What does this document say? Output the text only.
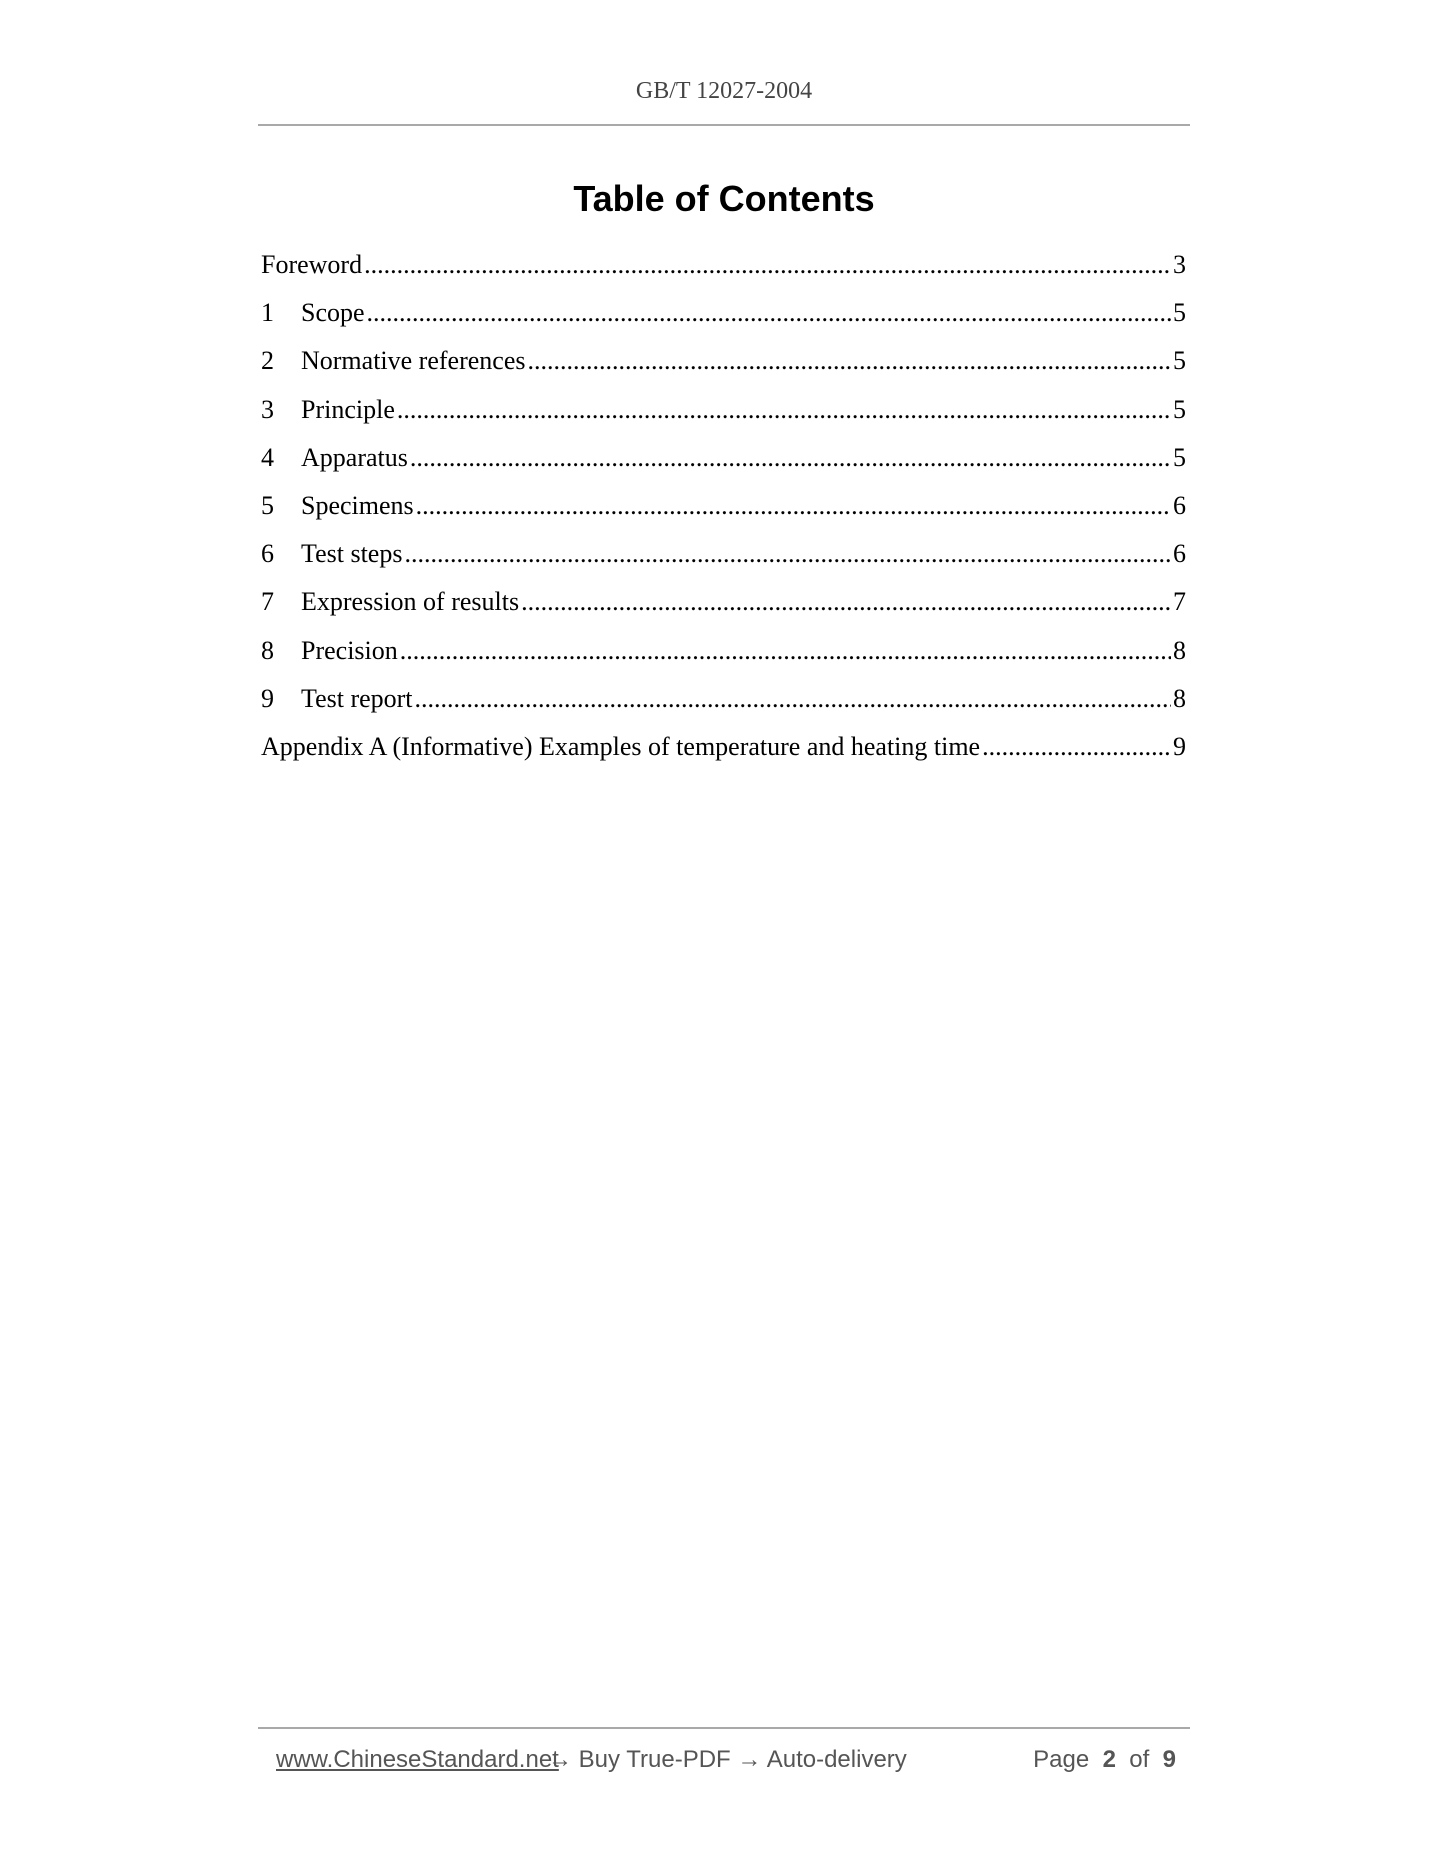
GB/T 12027-2004
Table of Contents
Foreword .....	3
1	Scope .....	5
2	Normative references .....	5
3	Principle .....	5
4	Apparatus .....	5
5	Specimens .....	6
6	Test steps .....	6
7	Expression of results .....	7
8	Precision .....	8
9	Test report .....	8
Appendix A (Informative) Examples of temperature and heating time .....	9
www.ChineseStandard.net
→ Buy True-PDF → Auto-delivery	Page 2 of 9
